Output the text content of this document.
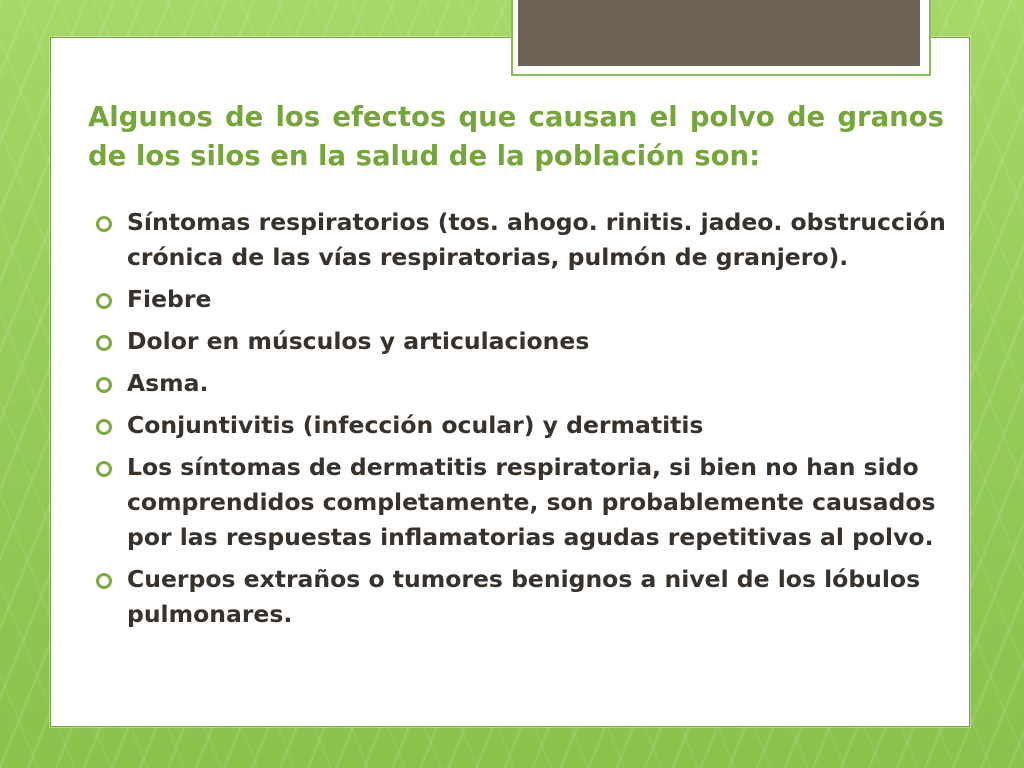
Algunos de los efectos que causan el polvo de granos de los silos en la salud de la población son:
Síntomas respiratorios (tos. ahogo. rinitis. jadeo. obstrucción crónica de las vías respiratorias, pulmón de granjero).
Fiebre
Dolor en músculos y articulaciones
Asma.
Conjuntivitis (infección ocular) y dermatitis
Los síntomas de dermatitis respiratoria, si bien no han sido comprendidos completamente, son probablemente causados por las respuestas inflamatorias agudas repetitivas al polvo.
Cuerpos extraños o tumores benignos a nivel de los lóbulos pulmonares.
